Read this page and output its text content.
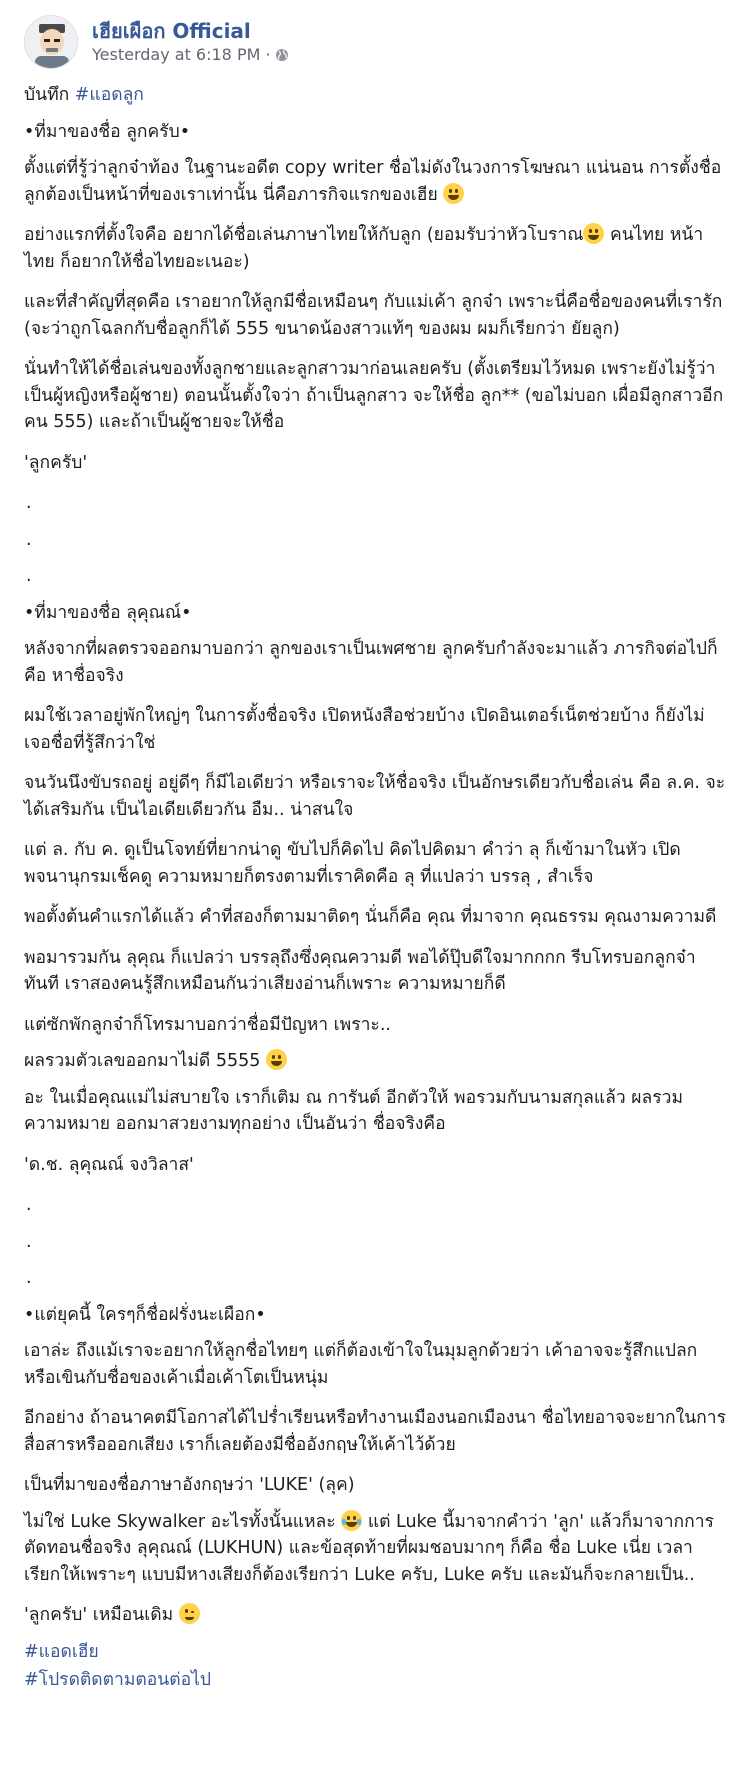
เฮียเผือก Official
Yesterday at 6:18 PM ·

บันทึก #แอดลูก

•ที่มาของชื่อ ลูกครับ•

ตั้งแต่ที่รู้ว่าลูกจ๋าท้อง ในฐานะอดีต copy writer ชื่อไม่ดังในวงการโฆษณา แน่นอน การตั้งชื่อลูกต้องเป็นหน้าที่ของเราเท่านั้น นี่คือภารกิจแรกของเฮีย

อย่างแรกที่ตั้งใจคือ อยากได้ชื่อเล่นภาษาไทยให้กับลูก (ยอมรับว่าหัวโบราณ
คนไทย หน้าไทย ก็อยากให้ชื่อไทยอะเนอะ)

และที่สำคัญที่สุดคือ เราอยากให้ลูกมีชื่อเหมือนๆ กับแม่เค้า ลูกจ๋า เพราะนี่คือชื่อของคนที่เรารัก (จะว่าถูกโฉลกกับชื่อลูกก็ได้ 555 ขนาดน้องสาวแท้ๆ ของผม ผมก็เรียกว่า ยัยลูก)

นั่นทำให้ได้ชื่อเล่นของทั้งลูกชายและลูกสาวมาก่อนเลยครับ (ตั้งเตรียมไว้หมด เพราะยังไม่รู้ว่าเป็นผู้หญิงหรือผู้ชาย) ตอนนั้นตั้งใจว่า ถ้าเป็นลูกสาว จะให้ชื่อ ลูก** (ขอไม่บอก เผื่อมีลูกสาวอีกคน 555) และถ้าเป็นผู้ชายจะให้ชื่อ

'ลูกครับ'

.

.

.

•ที่มาของชื่อ ลุคุณณ์•

หลังจากที่ผลตรวจออกมาบอกว่า ลูกของเราเป็นเพศชาย ลูกครับกำลังจะมาแล้ว ภารกิจต่อไปก็คือ หาชื่อจริง

ผมใช้เวลาอยู่พักใหญ่ๆ ในการตั้งชื่อจริง เปิดหนังสือช่วยบ้าง เปิดอินเตอร์เน็ตช่วยบ้าง ก็ยังไม่เจอชื่อที่รู้สึกว่าใช่

จนวันนึงขับรถอยู่ อยู่ดีๆ ก็มีไอเดียว่า หรือเราจะให้ชื่อจริง เป็นอักษรเดียวกับชื่อเล่น คือ ล.ค. จะได้เสริมกัน เป็นไอเดียเดียวกัน อืม.. น่าสนใจ

แต่ ล. กับ ค. ดูเป็นโจทย์ที่ยากน่าดู ขับไปก็คิดไป คิดไปคิดมา คำว่า ลุ ก็เข้ามาในหัว เปิดพจนานุกรมเช็คดู ความหมายก็ตรงตามที่เราคิดคือ ลุ ที่แปลว่า บรรลุ , สำเร็จ

พอตั้งต้นคำแรกได้แล้ว คำที่สองก็ตามมาติดๆ นั่นก็คือ คุณ ที่มาจาก คุณธรรม คุณงามความดี

พอมารวมกัน ลุคุณ ก็แปลว่า บรรลุถึงซึ่งคุณความดี พอได้ปุ๊บดีใจมากกกก รีบโทรบอกลูกจ๋าทันที เราสองคนรู้สึกเหมือนกันว่าเสียงอ่านก็เพราะ ความหมายก็ดี

แต่ซักพักลูกจ๋าก็โทรมาบอกว่าชื่อมีปัญหา เพราะ..

ผลรวมตัวเลขออกมาไม่ดี 5555

อะ ในเมื่อคุณแม่ไม่สบายใจ เราก็เติม ณ การันต์ อีกตัวให้ พอรวมกับนามสกุลแล้ว ผลรวม ความหมาย ออกมาสวยงามทุกอย่าง เป็นอันว่า ชื่อจริงคือ

'ด.ช. ลุคุณณ์ จงวิลาส'

.

.

.

•แต่ยุคนี้ ใครๆก็ชื่อฝรั่งนะเผือก•

เอาล่ะ ถึงแม้เราจะอยากให้ลูกชื่อไทยๆ แต่ก็ต้องเข้าใจในมุมลูกด้วยว่า เค้าอาจจะรู้สึกแปลก หรือเขินกับชื่อของเค้าเมื่อเค้าโตเป็นหนุ่ม

อีกอย่าง ถ้าอนาคตมีโอกาสได้ไปร่ำเรียนหรือทำงานเมืองนอกเมืองนา ชื่อไทยอาจจะยากในการสื่อสารหรือออกเสียง เราก็เลยต้องมีชื่ออังกฤษให้เค้าไว้ด้วย

เป็นที่มาของชื่อภาษาอังกฤษว่า 'LUKE' (ลุค)

ไม่ใช่ Luke Skywalker อะไรทั้งนั้นแหละ
แต่ Luke นี้มาจากคำว่า 'ลูก' แล้วก็มาจากการตัดทอนชื่อจริง ลุคุณณ์ (LUKHUN) และข้อสุดท้ายที่ผมชอบมากๆ ก็คือ ชื่อ Luke เนี่ย เวลาเรียกให้เพราะๆ แบบมีหางเสียงก็ต้องเรียกว่า Luke ครับ, Luke ครับ และมันก็จะกลายเป็น..

'ลูกครับ' เหมือนเดิม

#แอดเฮีย

#โปรดติดตามตอนต่อไป
